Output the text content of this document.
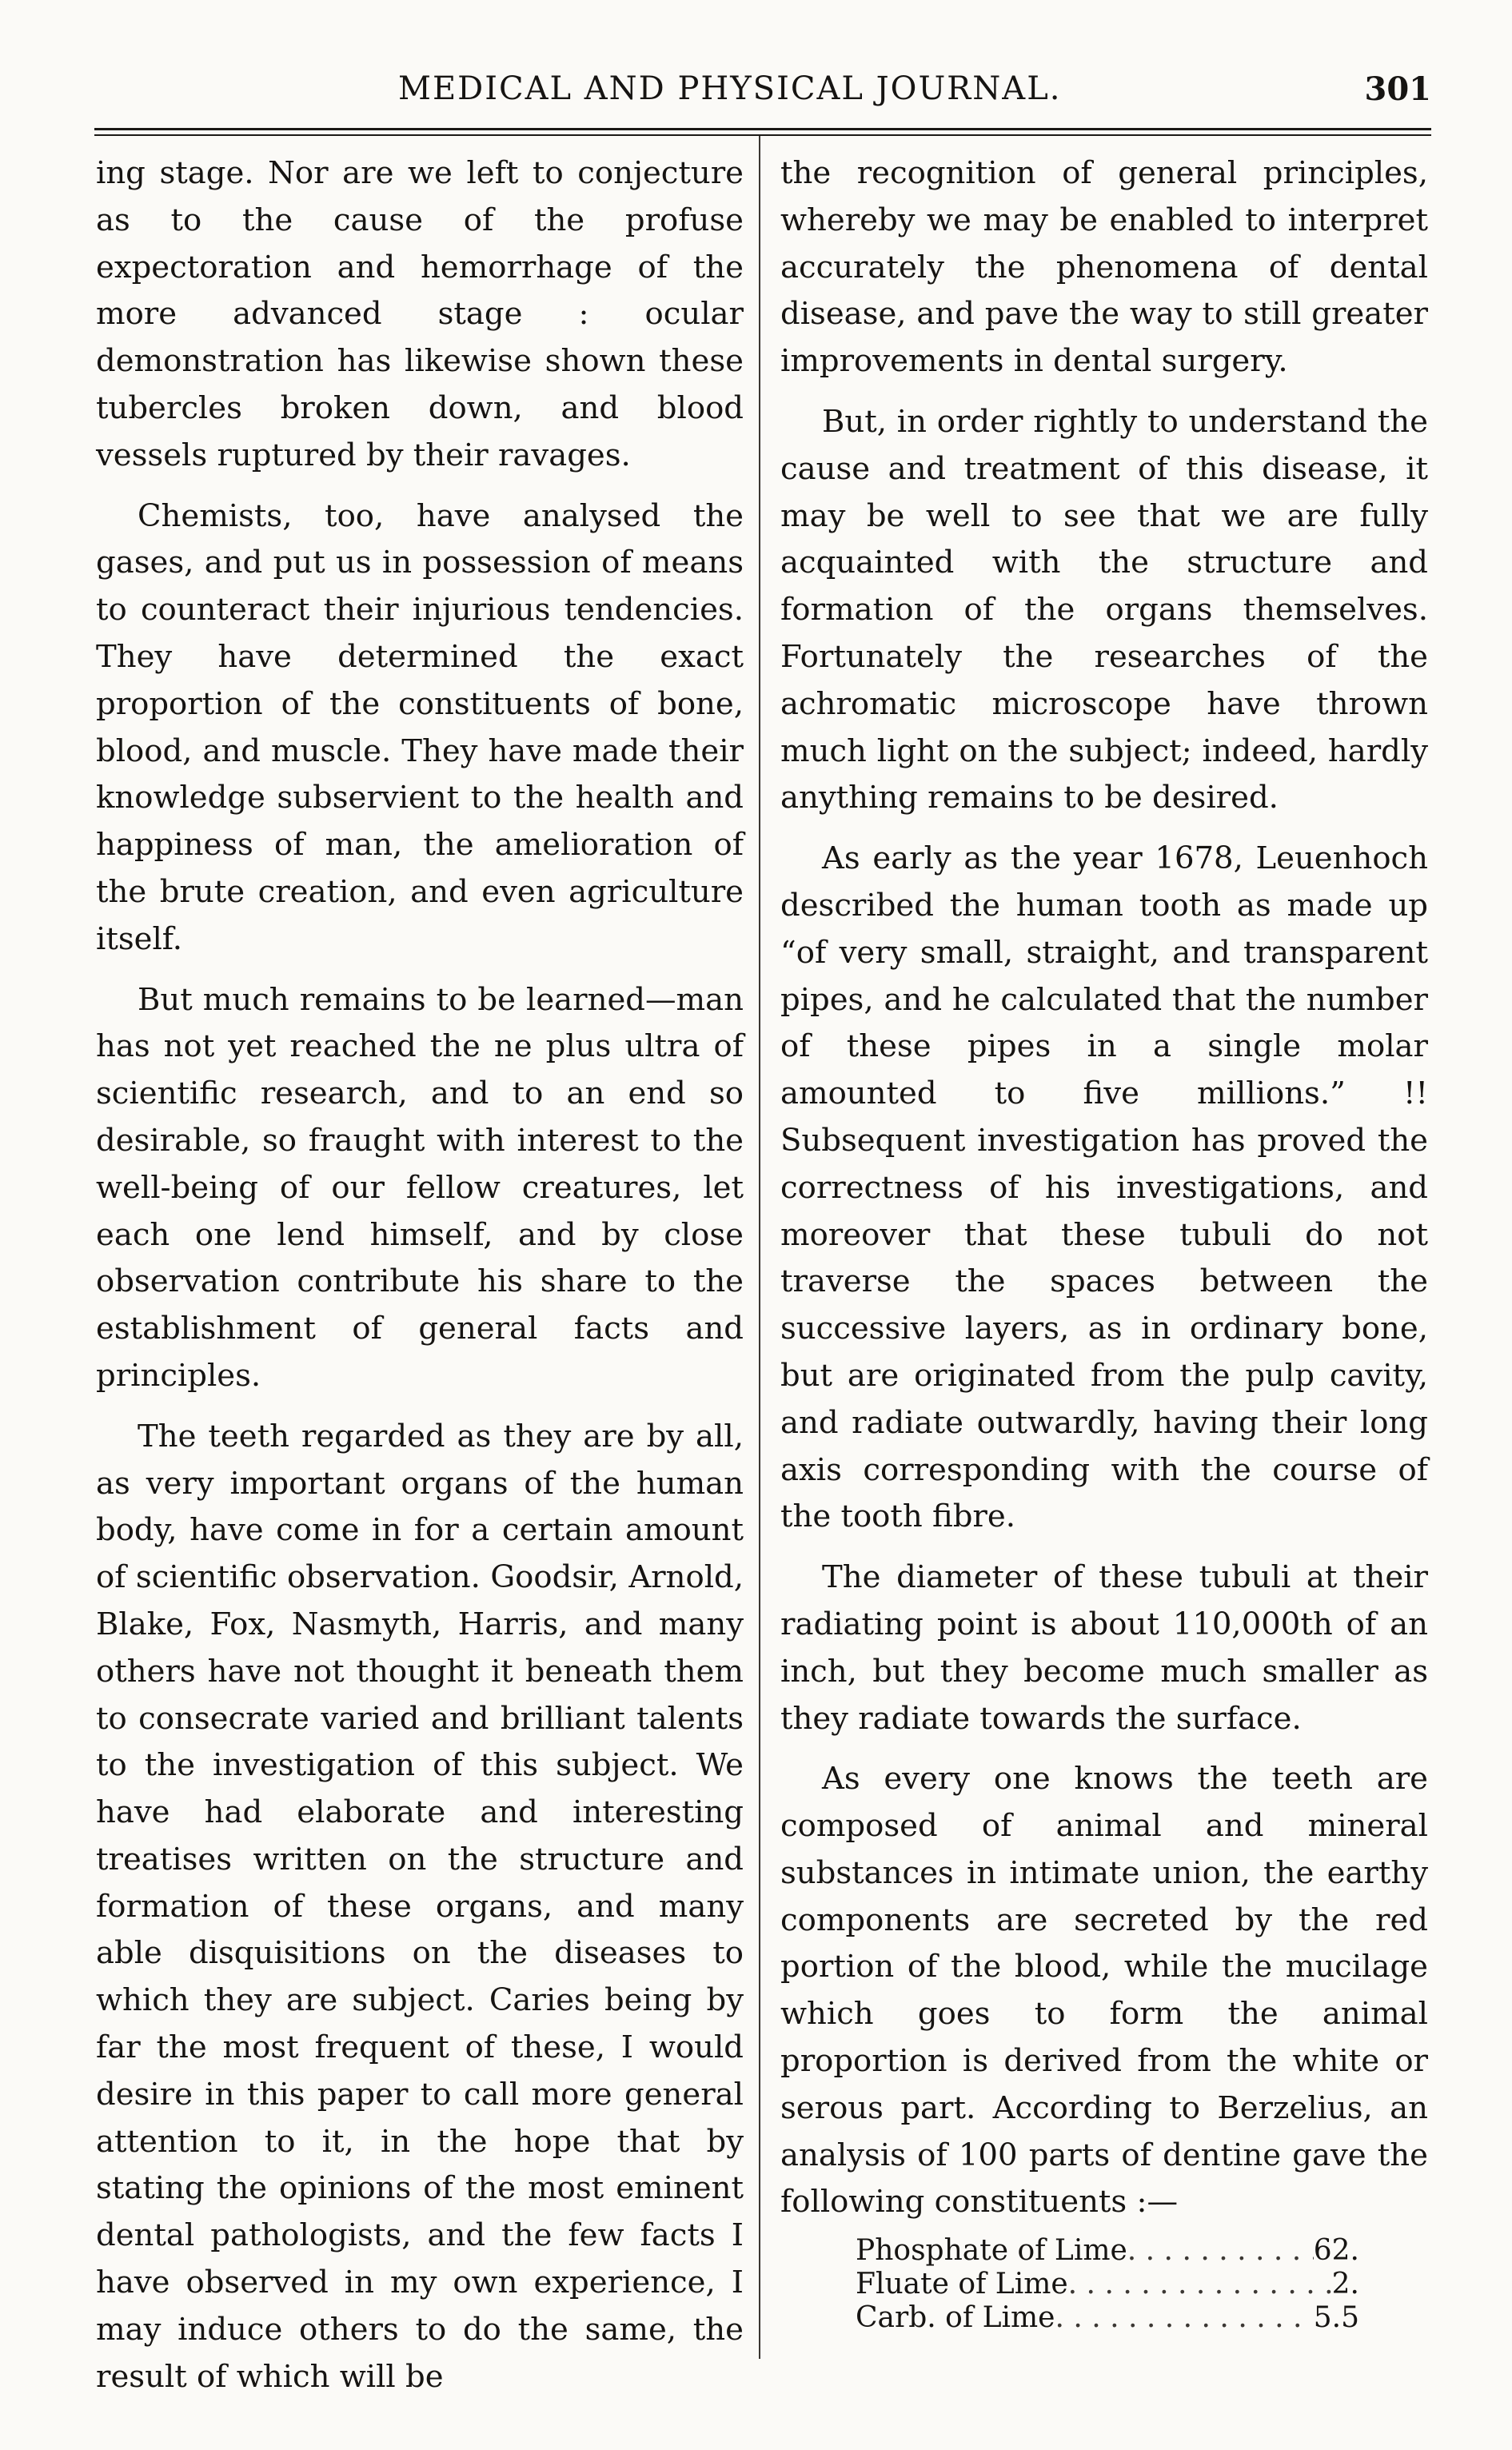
MEDICAL AND PHYSICAL JOURNAL.	301

ing stage. Nor are we left to conjecture as to the cause of the profuse expectoration and hemorrhage of the more advanced stage : ocular demonstration has likewise shown these tubercles broken down, and blood vessels ruptured by their ravages.

Chemists, too, have analysed the gases, and put us in possession of means to counteract their injurious tendencies. They have determined the exact proportion of the constituents of bone, blood, and muscle. They have made their knowledge subservient to the health and happiness of man, the amelioration of the brute creation, and even agriculture itself.

But much remains to be learned—man has not yet reached the ne plus ultra of scientific research, and to an end so desirable, so fraught with interest to the well-being of our fellow creatures, let each one lend himself, and by close observation contribute his share to the establishment of general facts and principles.

The teeth regarded as they are by all, as very important organs of the human body, have come in for a certain amount of scientific observation. Goodsir, Arnold, Blake, Fox, Nasmyth, Harris, and many others have not thought it beneath them to consecrate varied and brilliant talents to the investigation of this subject. We have had elaborate and interesting treatises written on the structure and formation of these organs, and many able disquisitions on the diseases to which they are subject. Caries being by far the most frequent of these, I would desire in this paper to call more general attention to it, in the hope that by stating the opinions of the most eminent dental pathologists, and the few facts I have observed in my own experience, I may induce others to do the same, the result of which will be

the recognition of general principles, whereby we may be enabled to interpret accurately the phenomena of dental disease, and pave the way to still greater improvements in dental surgery.

But, in order rightly to understand the cause and treatment of this disease, it may be well to see that we are fully acquainted with the structure and formation of the organs themselves. Fortunately the researches of the achromatic microscope have thrown much light on the subject; indeed, hardly anything remains to be desired.

As early as the year 1678, Leuenhoch described the human tooth as made up “of very small, straight, and transparent pipes, and he calculated that the number of these pipes in a single molar amounted to five millions.” !! Subsequent investigation has proved the correctness of his investigations, and moreover that these tubuli do not traverse the spaces between the successive layers, as in ordinary bone, but are originated from the pulp cavity, and radiate outwardly, having their long axis corresponding with the course of the tooth fibre.

The diameter of these tubuli at their radiating point is about 110,000th of an inch, but they become much smaller as they radiate towards the surface.

As every one knows the teeth are composed of animal and mineral substances in intimate union, the earthy components are secreted by the red portion of the blood, while the mucilage which goes to form the animal proportion is derived from the white or serous part. According to Berzelius, an analysis of 100 parts of dentine gave the following constituents :—

Phosphate of Lime . . .	62.
Fluate of Lime . . .	2.
Carb. of Lime . . .	5.5
